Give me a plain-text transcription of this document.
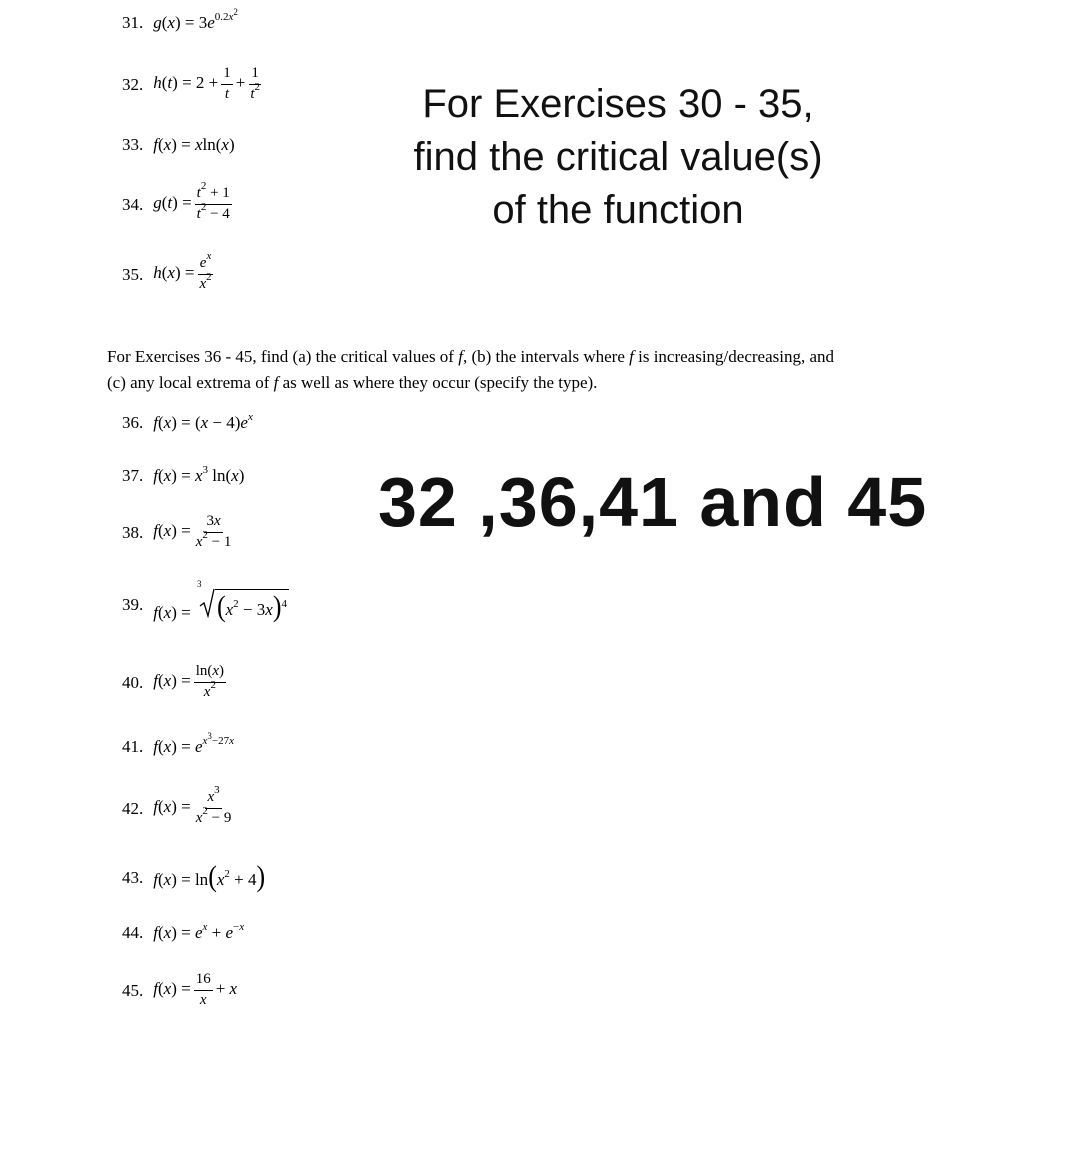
31. $g(x) = 3e^{0.2x^2}$
32. $h(t) = 2 + \frac{1}{t} + \frac{1}{t^2}$
33. f(x) = xln(x)
34. $g(t) = \frac{t^2 + 1}{t^2 - 4}$
35. $h(x) = \frac{e^x}{x^2}$
For Exercises 30 - 35,
find the critical value(s)
of the function
For Exercises 36 - 45, find (a) the critical values of f, (b) the intervals where f is increasing/decreasing, and
(c) any local extrema of f as well as where they occur (specify the type).
36. $f(x) = (x - 4)e^x$
37. $f(x) = x^3$ ln(x)
38. $f(x) = \frac{3x}{x^2 - 1}$
39. f(x) =
3
$(x^2 - 3x)^4$
40. $f(x) = \frac{\ln(x)}{x^2}$
41. $f(x) = e^{x^3-27x}$
42. $f(x) = \frac{x^3}{x^2 - 9}$
43. $f(x) = \ln(x^2 + 4)$
44. $f(x) = e^x + e^{-x}$
45. $f(x) = \frac{16}{x} + x$
32 ,36,41 and 45
